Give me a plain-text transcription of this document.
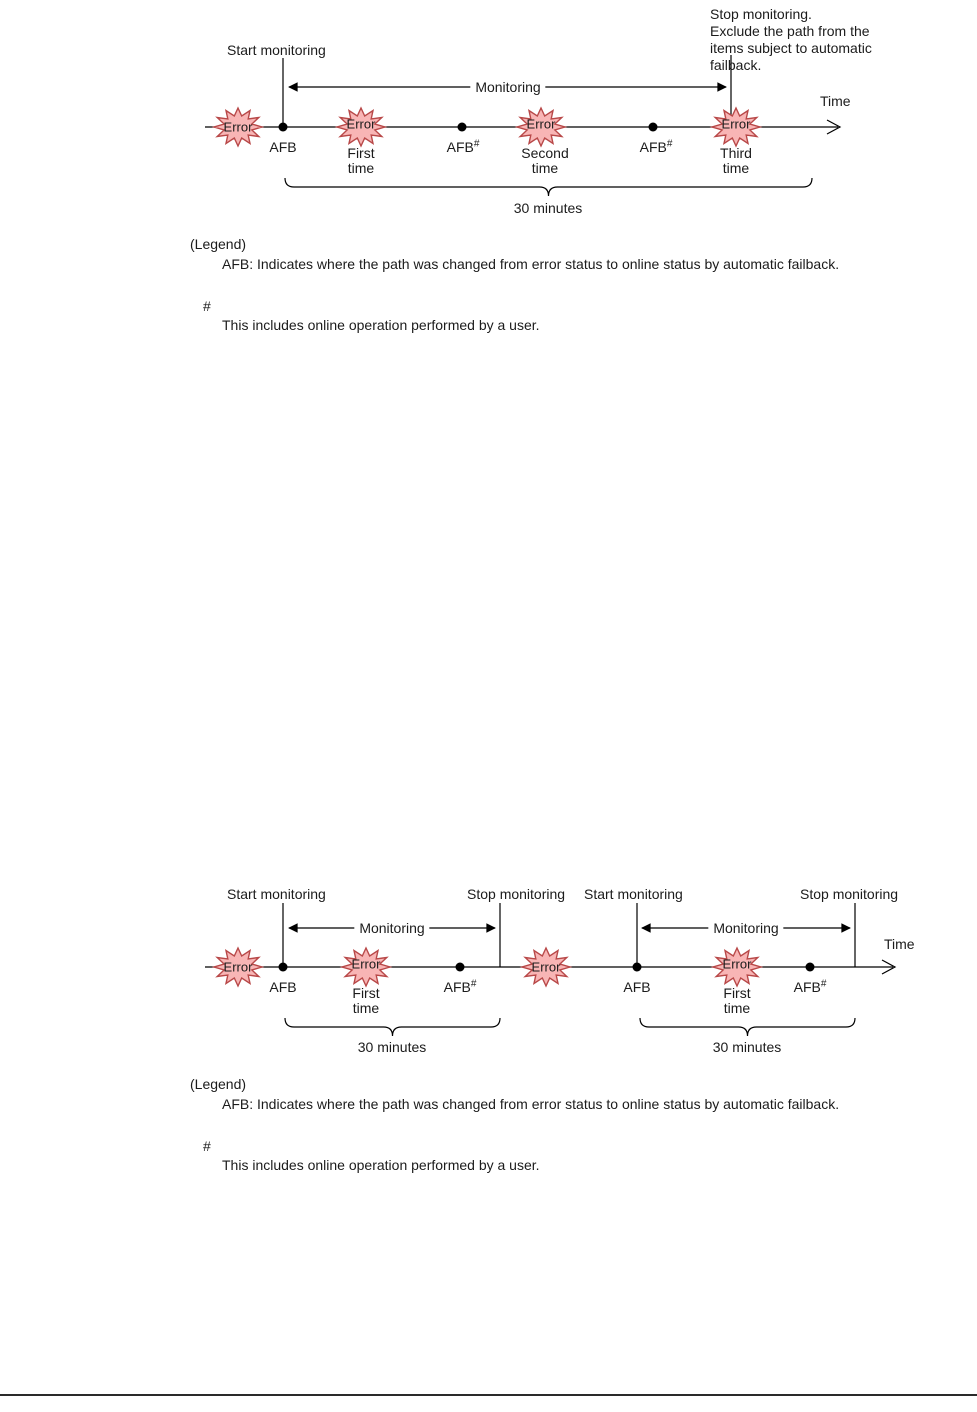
Stop monitoring.
Exclude the path from the
items subject to automatic
failback.
Start monitoring
Monitoring
Time
Error	Error	Error	Error
AFB	First
time
AFB#
Second
time
AFB#
Third
time
30 minutes
(Legend)
AFB: Indicates where the path was changed from error status to online status by automatic failback.
#
This includes online operation performed by a user.
Start monitoring	Stop monitoring Start monitoring	Stop monitoring
Monitoring	Monitoring
Time
Error	Error	Error	Error
AFB	First
time
AFB#	AFB	First
time
AFB#
30 minutes	30 minutes
(Legend)
AFB: Indicates where the path was changed from error status to online status by automatic failback.
#
This includes online operation performed by a user.
